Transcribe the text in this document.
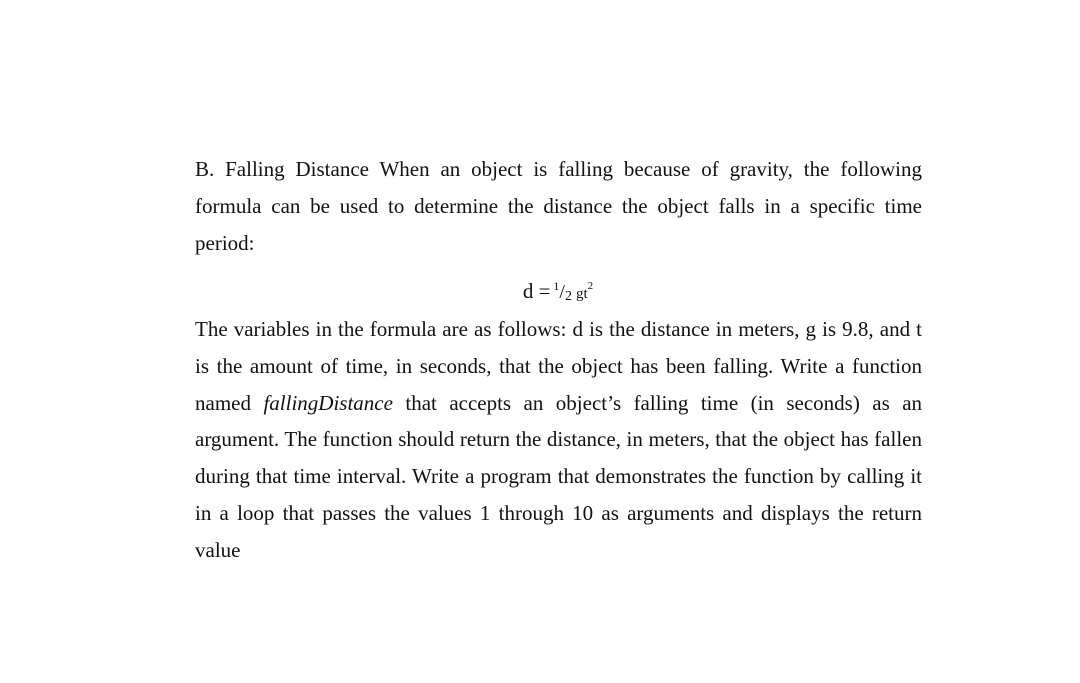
B. Falling Distance When an object is falling because of gravity, the following formula can be used to determine the distance the object falls in a specific time period:
d = $^1$/2 $gt^2$
The variables in the formula are as follows: d is the distance in meters, g is 9.8, and t is the amount of time, in seconds, that the object has been falling. Write a function named fallingDistance that accepts an object’s falling time (in seconds) as an argument. The function should return the distance, in meters, that the object has fallen during that time interval. Write a program that demonstrates the function by calling it in a loop that passes the values 1 through 10 as arguments and displays the return value
